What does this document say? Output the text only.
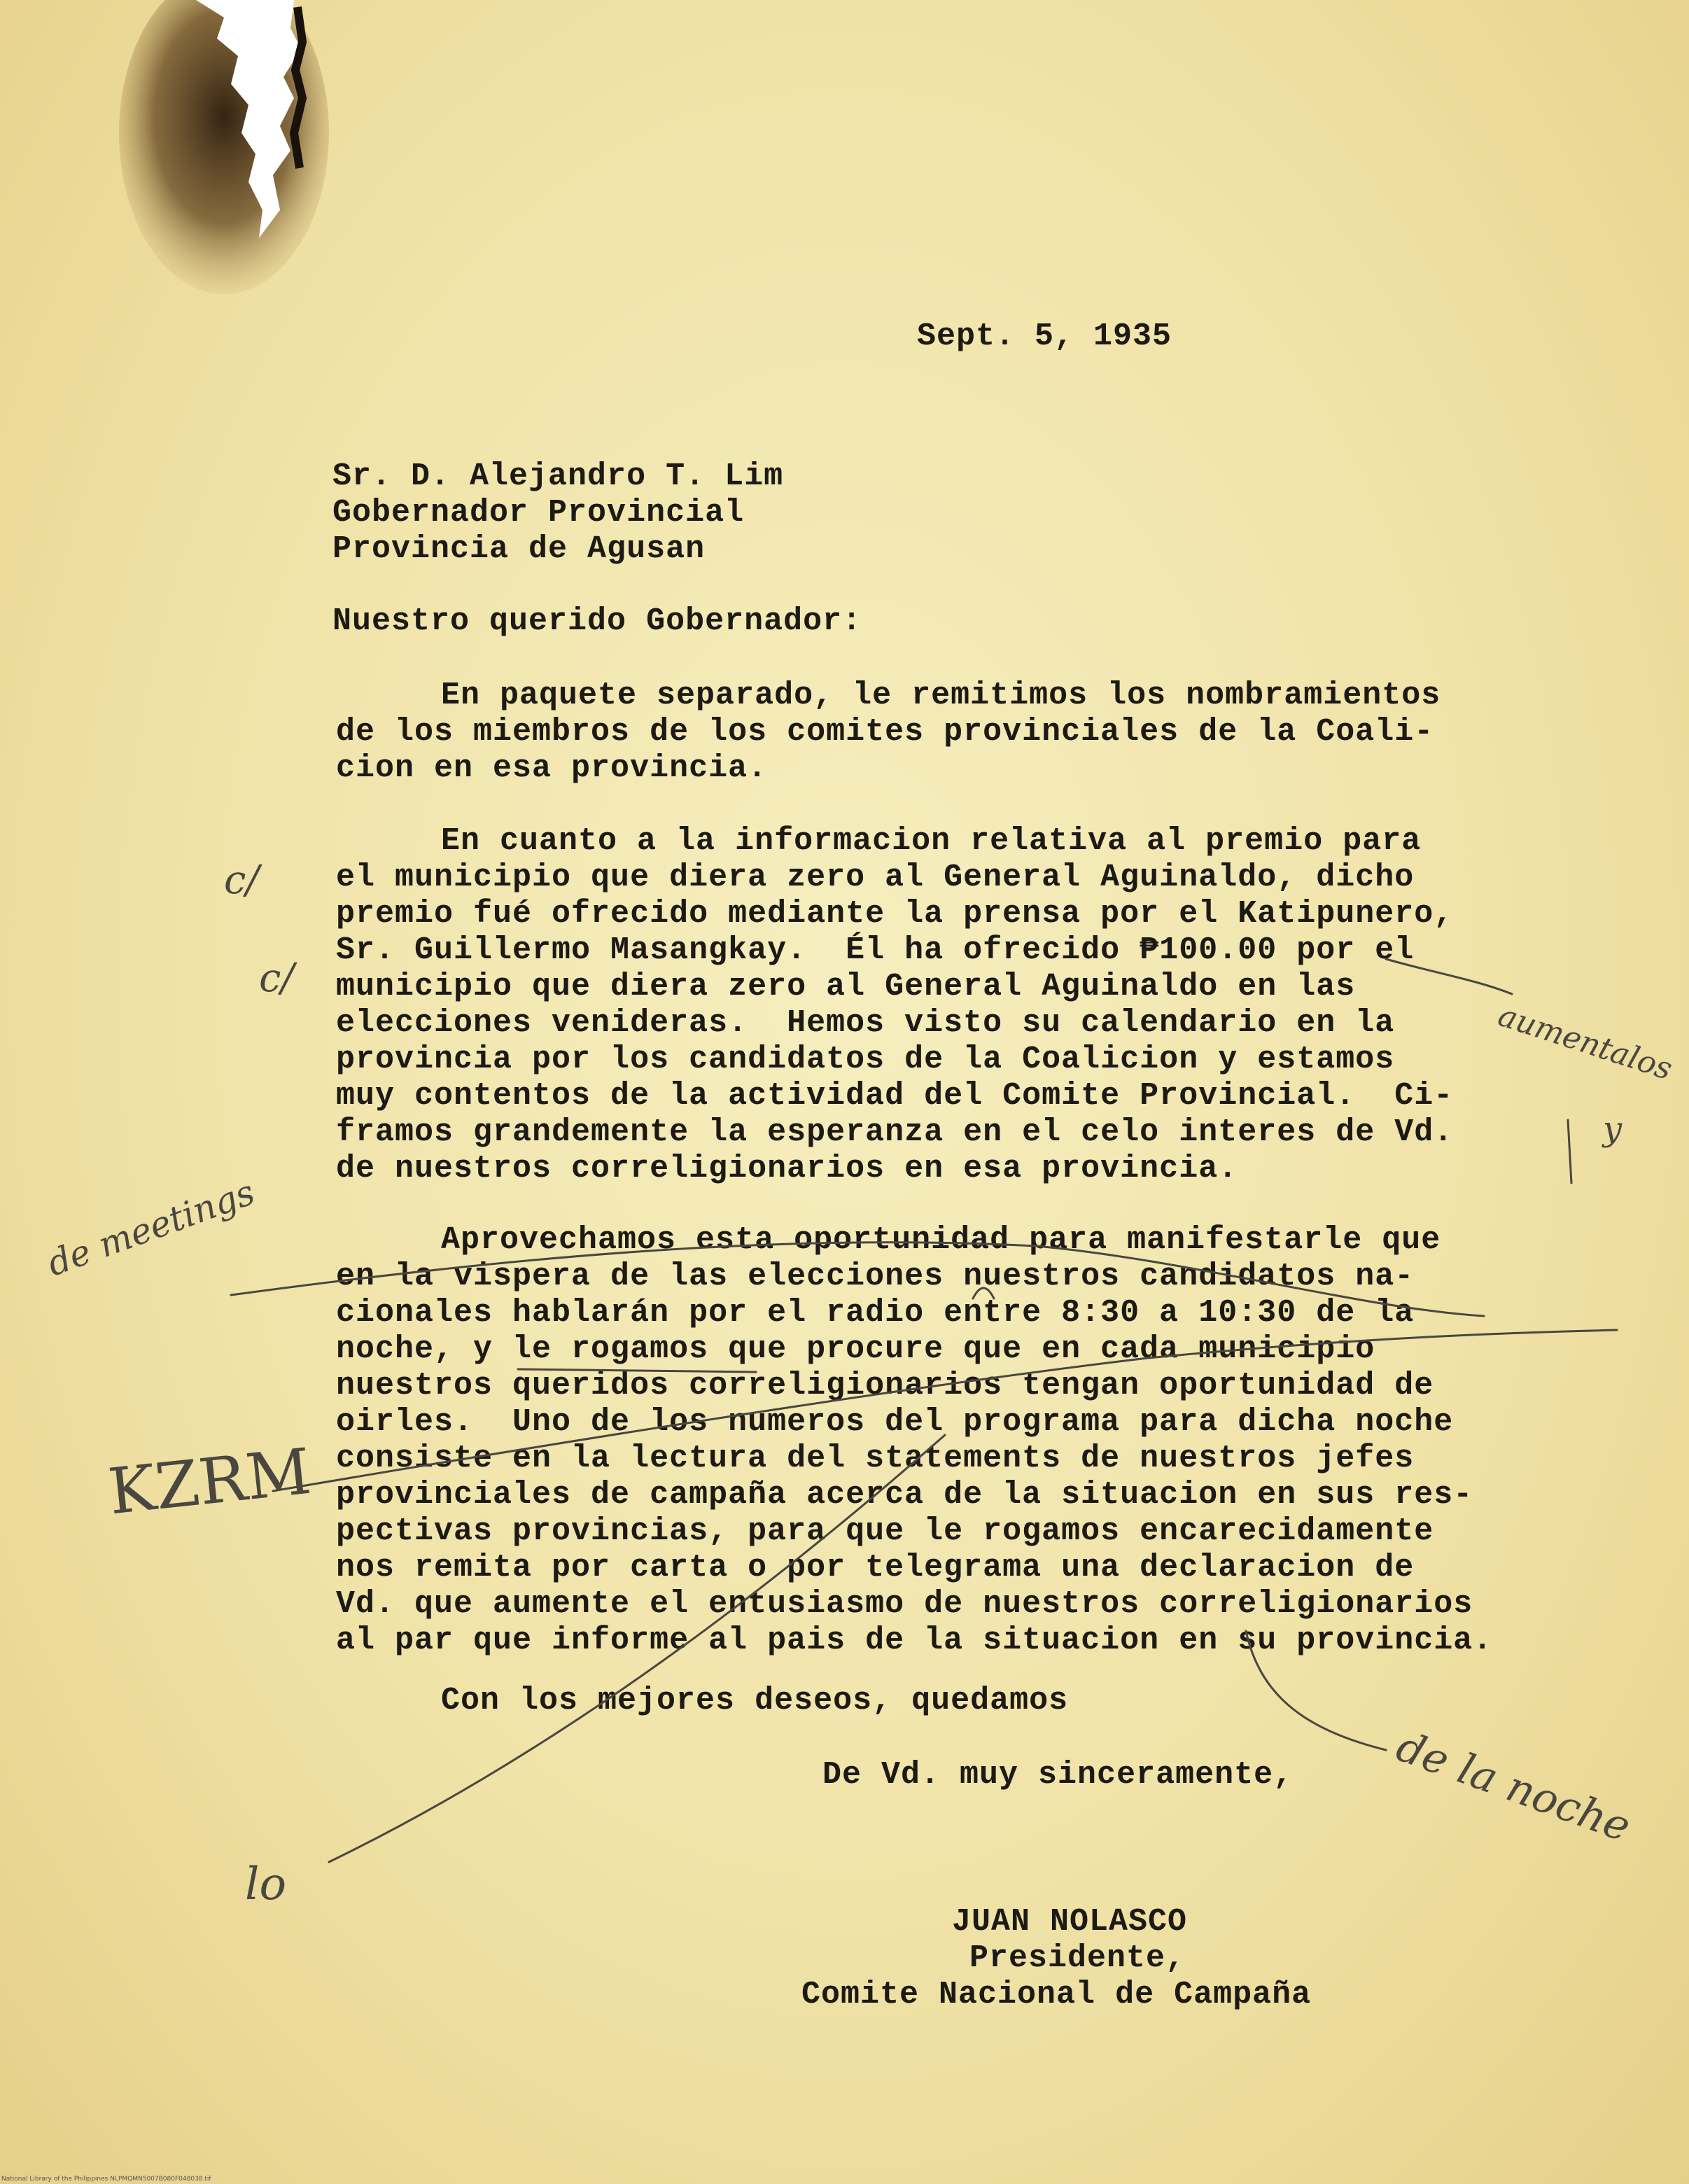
Sept. 5, 1935
Sr. D. Alejandro T. Lim
Gobernador Provincial
Provincia de Agusan
Nuestro querido Gobernador:
En paquete separado, le remitimos los nombramientos
de los miembros de los comites provinciales de la Coali-
cion en esa provincia.
En cuanto a la informacion relativa al premio para
el municipio que diera zero al General Aguinaldo, dicho
premio fué ofrecido mediante la prensa por el Katipunero,
Sr. Guillermo Masangkay.  Él ha ofrecido ₱100.00 por el
municipio que diera zero al General Aguinaldo en las
elecciones venideras.  Hemos visto su calendario en la
provincia por los candidatos de la Coalicion y estamos
muy contentos de la actividad del Comite Provincial.  Ci-
framos grandemente la esperanza en el celo interes de Vd.
de nuestros correligionarios en esa provincia.
Aprovechamos esta oportunidad para manifestarle que
en la vispera de las elecciones nuestros candidatos na-
cionales hablarán por el radio entre 8:30 a 10:30 de la
noche, y le rogamos que procure que en cada municipio
nuestros queridos correligionarios tengan oportunidad de
oirles.  Uno de los numeros del programa para dicha noche
consiste en la lectura del statements de nuestros jefes
provinciales de campaña acerca de la situacion en sus res-
pectivas provincias, para que le rogamos encarecidamente
nos remita por carta o por telegrama una declaracion de
Vd. que aumente el entusiasmo de nuestros correligionarios
al par que informe al pais de la situacion en su provincia.
Con los mejores deseos, quedamos
De Vd. muy sinceramente,
JUAN NOLASCO
Presidente,
Comite Nacional de Campaña
c/
c/
aumentalos
y
de meetings
KZRM
de la noche
lo
National Library of the Philippines NLPMQMN5007B080F048038.tif
